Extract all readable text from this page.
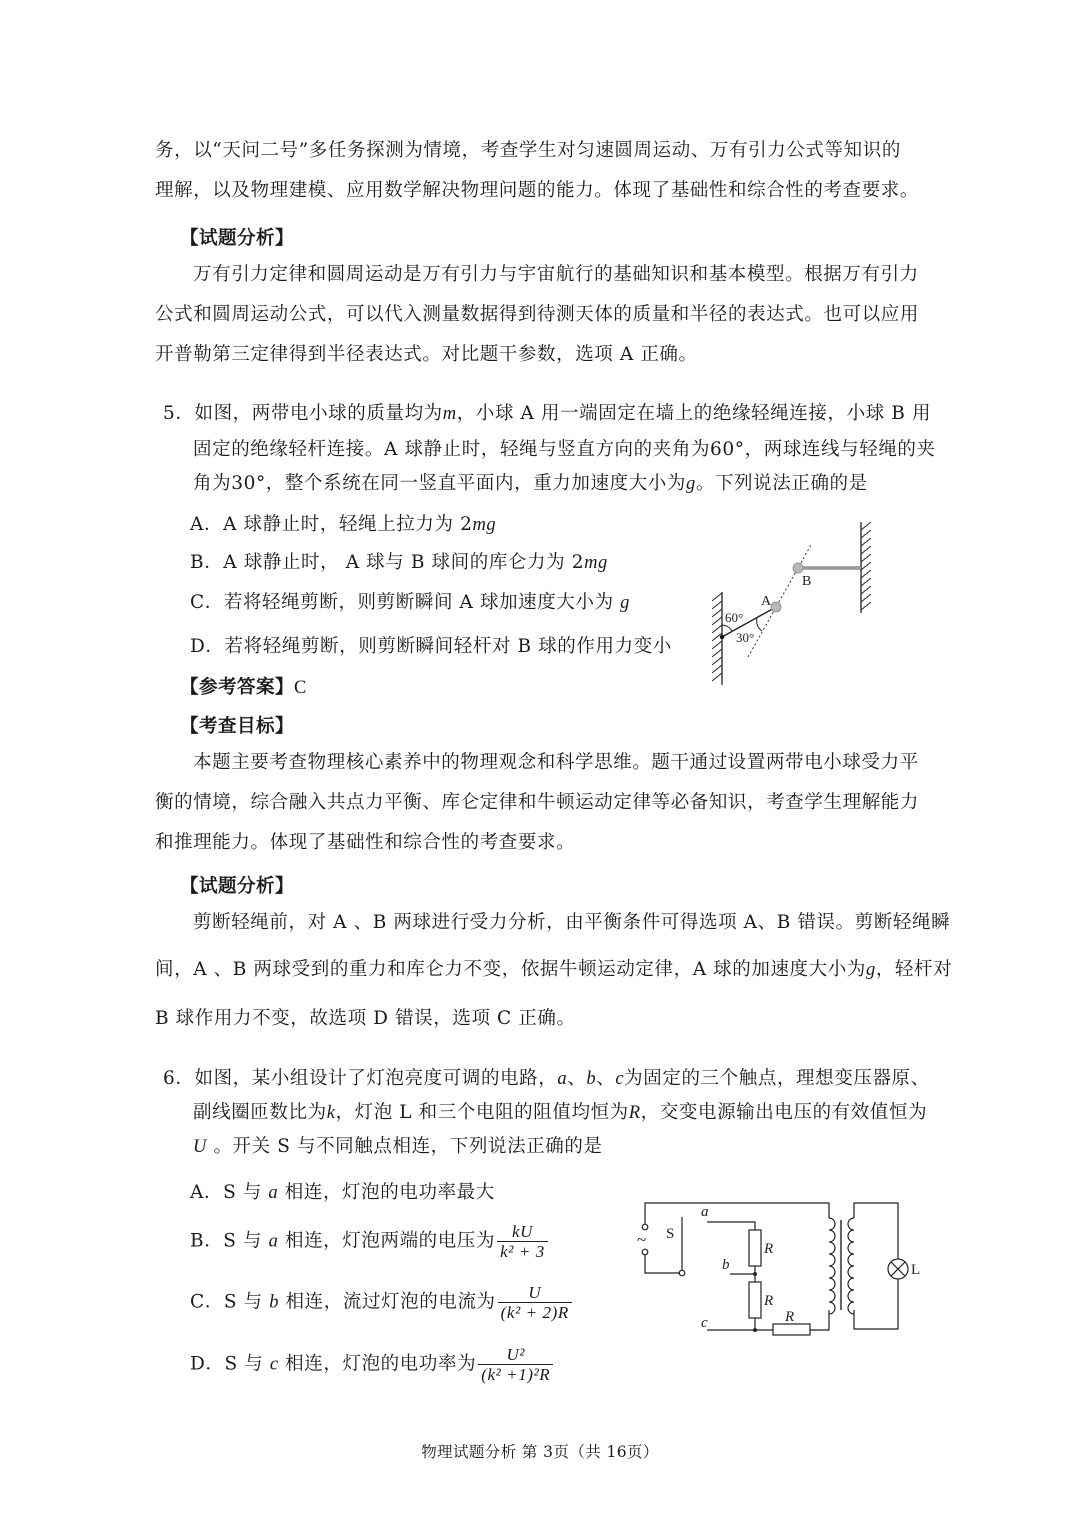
务，以“天问二号”多任务探测为情境，考查学生对匀速圆周运动、万有引力公式等知识的
理解，以及物理建模、应用数学解决物理问题的能力。体现了基础性和综合性的考查要求。
【试题分析】
万有引力定律和圆周运动是万有引力与宇宙航行的基础知识和基本模型。根据万有引力
公式和圆周运动公式，可以代入测量数据得到待测天体的质量和半径的表达式。也可以应用
开普勒第三定律得到半径表达式。对比题干参数，选项 A 正确。
5．如图，两带电小球的质量均为m，小球 A 用一端固定在墙上的绝缘轻绳连接，小球 B 用
固定的绝缘轻杆连接。A 球静止时，轻绳与竖直方向的夹角为60°，两球连线与轻绳的夹
角为30°，整个系统在同一竖直平面内，重力加速度大小为g。下列说法正确的是
A．A 球静止时，轻绳上拉力为 2mg
B．A 球静止时， A 球与 B 球间的库仑力为 2mg
C．若将轻绳剪断，则剪断瞬间 A 球加速度大小为 g
D．若将轻绳剪断，则剪断瞬间轻杆对 B 球的作用力变小
A
B
60°
30°
【参考答案】C
【考查目标】
本题主要考查物理核心素养中的物理观念和科学思维。题干通过设置两带电小球受力平
衡的情境，综合融入共点力平衡、库仑定律和牛顿运动定律等必备知识，考查学生理解能力
和推理能力。体现了基础性和综合性的考查要求。
【试题分析】
剪断轻绳前，对 A 、B 两球进行受力分析，由平衡条件可得选项 A、B 错误。剪断轻绳瞬
间，A 、B 两球受到的重力和库仑力不变，依据牛顿运动定律，A 球的加速度大小为g，轻杆对
B 球作用力不变，故选项 D 错误，选项 C 正确。
6．如图，某小组设计了灯泡亮度可调的电路，a、b、c为固定的三个触点，理想变压器原、
副线圈匝数比为k，灯泡 L 和三个电阻的阻值均恒为R，交变电源输出电压的有效值恒为
U 。开关 S 与不同触点相连，下列说法正确的是
A．S 与 a 相连，灯泡的电功率最大
B．S 与 a 相连，灯泡两端的电压为 $\frac{kU}{\text{k² + 3}}$
C．S 与 b 相连，流过灯泡的电流为 $\frac{U}{\text{(k² + 2)R}}$
D．S 与 c 相连，灯泡的电功率为 $\frac{\text{U²}}{\text{(k² +1)²R}}$
~ S
a
b
c
R
R
R
L
物理试题分析 第 3页（共 16页）
